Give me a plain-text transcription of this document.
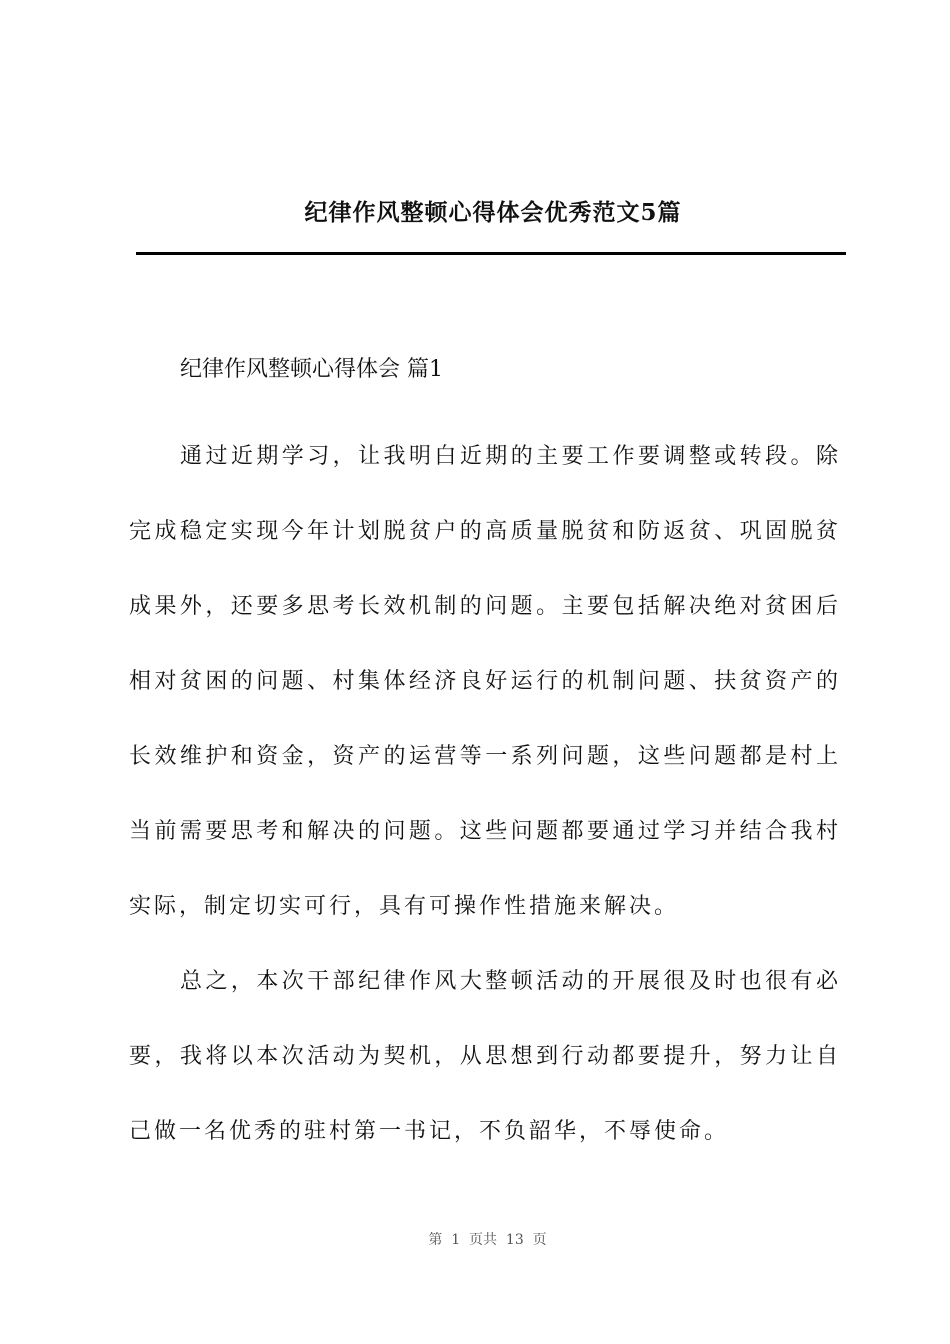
纪律作风整顿心得体会优秀范文5篇
纪律作风整顿心得体会 篇1

通过近期学习，让我明白近期的主要工作要调整或转段。除完成稳定实现今年计划脱贫户的高质量脱贫和防返贫、巩固脱贫成果外，还要多思考长效机制的问题。主要包括解决绝对贫困后相对贫困的问题、村集体经济良好运行的机制问题、扶贫资产的长效维护和资金，资产的运营等一系列问题，这些问题都是村上当前需要思考和解决的问题。这些问题都要通过学习并结合我村实际，制定切实可行，具有可操作性措施来解决。

总之，本次干部纪律作风大整顿活动的开展很及时也很有必要，我将以本次活动为契机，从思想到行动都要提升，努力让自己做一名优秀的驻村第一书记，不负韶华，不辱使命。

第  1  页共  13  页
